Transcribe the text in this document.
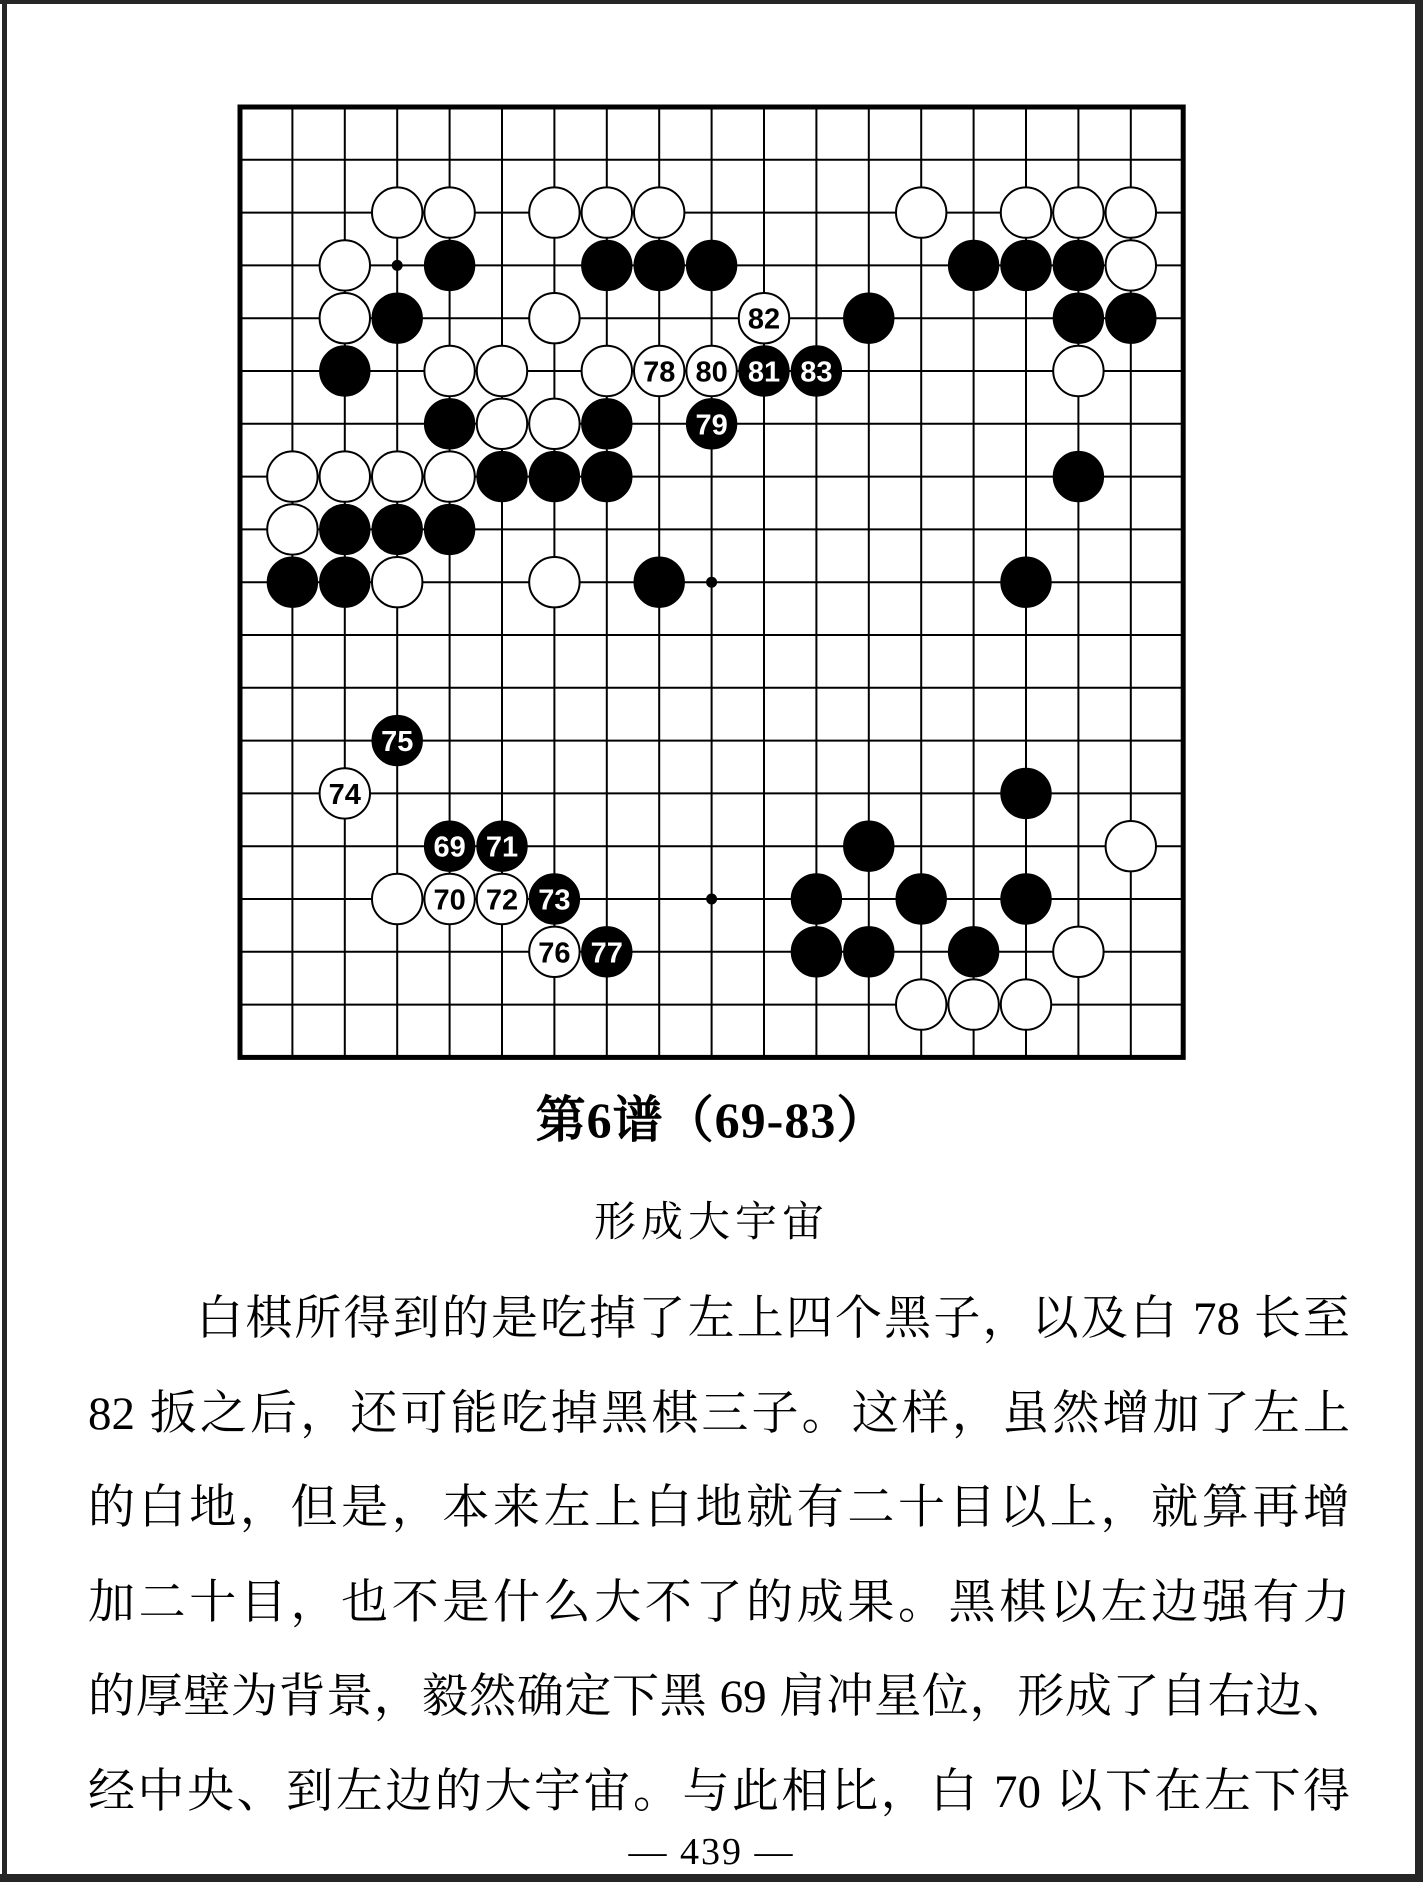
82
78 80 81 83
79
75
74
69 71
70 72 73
76 77
第6谱（69-83）
形成大宇宙
白棋所得到的是吃掉了左上四个黑子，以及白 78 长至
82 扳之后，还可能吃掉黑棋三子。这样，虽然增加了左上
的白地，但是，本来左上白地就有二十目以上，就算再增
加二十目，也不是什么大不了的成果。黑棋以左边强有力
的厚壁为背景，毅然确定下黑 69 肩冲星位，形成了自右边、
经中央、到左边的大宇宙。与此相比，白 70 以下在左下得
— 439 —
